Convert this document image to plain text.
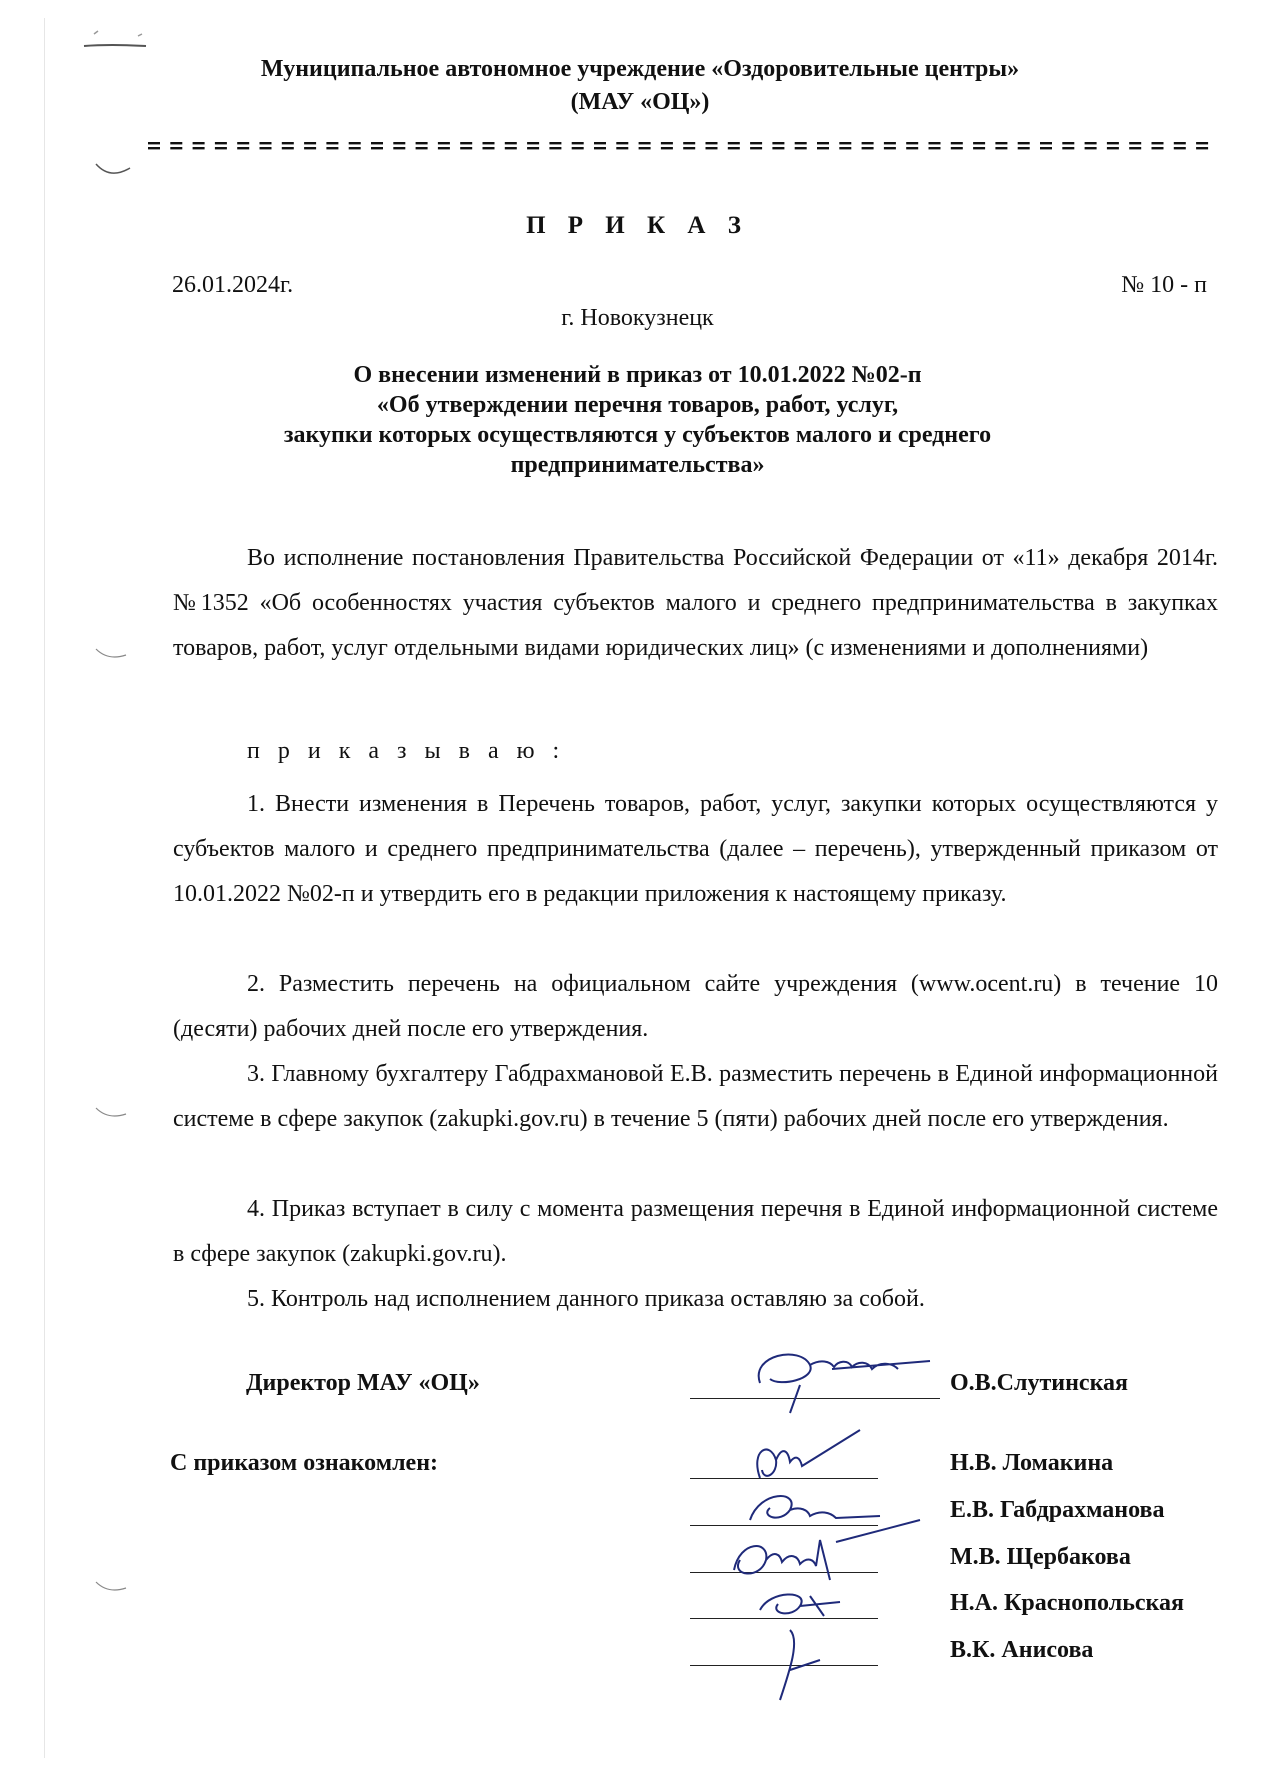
Муниципальное автономное учреждение «Оздоровительные центры»
(МАУ «ОЦ»)
П Р И К А З
26.01.2024г.	№ 10 - п
г. Новокузнецк
О внесении изменений в приказ от 10.01.2022 №02-п
«Об утверждении перечня товаров, работ, услуг,
закупки которых осуществляются у субъектов малого и среднего
предпринимательства»

Во исполнение постановления Правительства Российской Федерации от «11» декабря 2014г. №1352 «Об особенностях участия субъектов малого и среднего предпринимательства в закупках товаров, работ, услуг отдельными видами юридических лиц» (с изменениями и дополнениями)

п р и к а з ы в а ю :

1. Внести изменения в Перечень товаров, работ, услуг, закупки которых осуществляются у субъектов малого и среднего предпринимательства (далее – перечень), утвержденный приказом от 10.01.2022 №02-п и утвердить его в редакции приложения к настоящему приказу.

2. Разместить перечень на официальном сайте учреждения (www.ocent.ru) в течение 10 (десяти) рабочих дней после его утверждения.

3. Главному бухгалтеру Габдрахмановой Е.В. разместить перечень в Единой информационной системе в сфере закупок (zakupki.gov.ru) в течение 5 (пяти) рабочих дней после его утверждения.

4. Приказ вступает в силу с момента размещения перечня в Единой информационной системе в сфере закупок (zakupki.gov.ru).

5. Контроль над исполнением данного приказа оставляю за собой.

Директор МАУ «ОЦ»	О.В.Слутинская
С приказом ознакомлен:	Н.В. Ломакина
Е.В. Габдрахманова
М.В. Щербакова
Н.А. Краснопольская
В.К. Анисова
